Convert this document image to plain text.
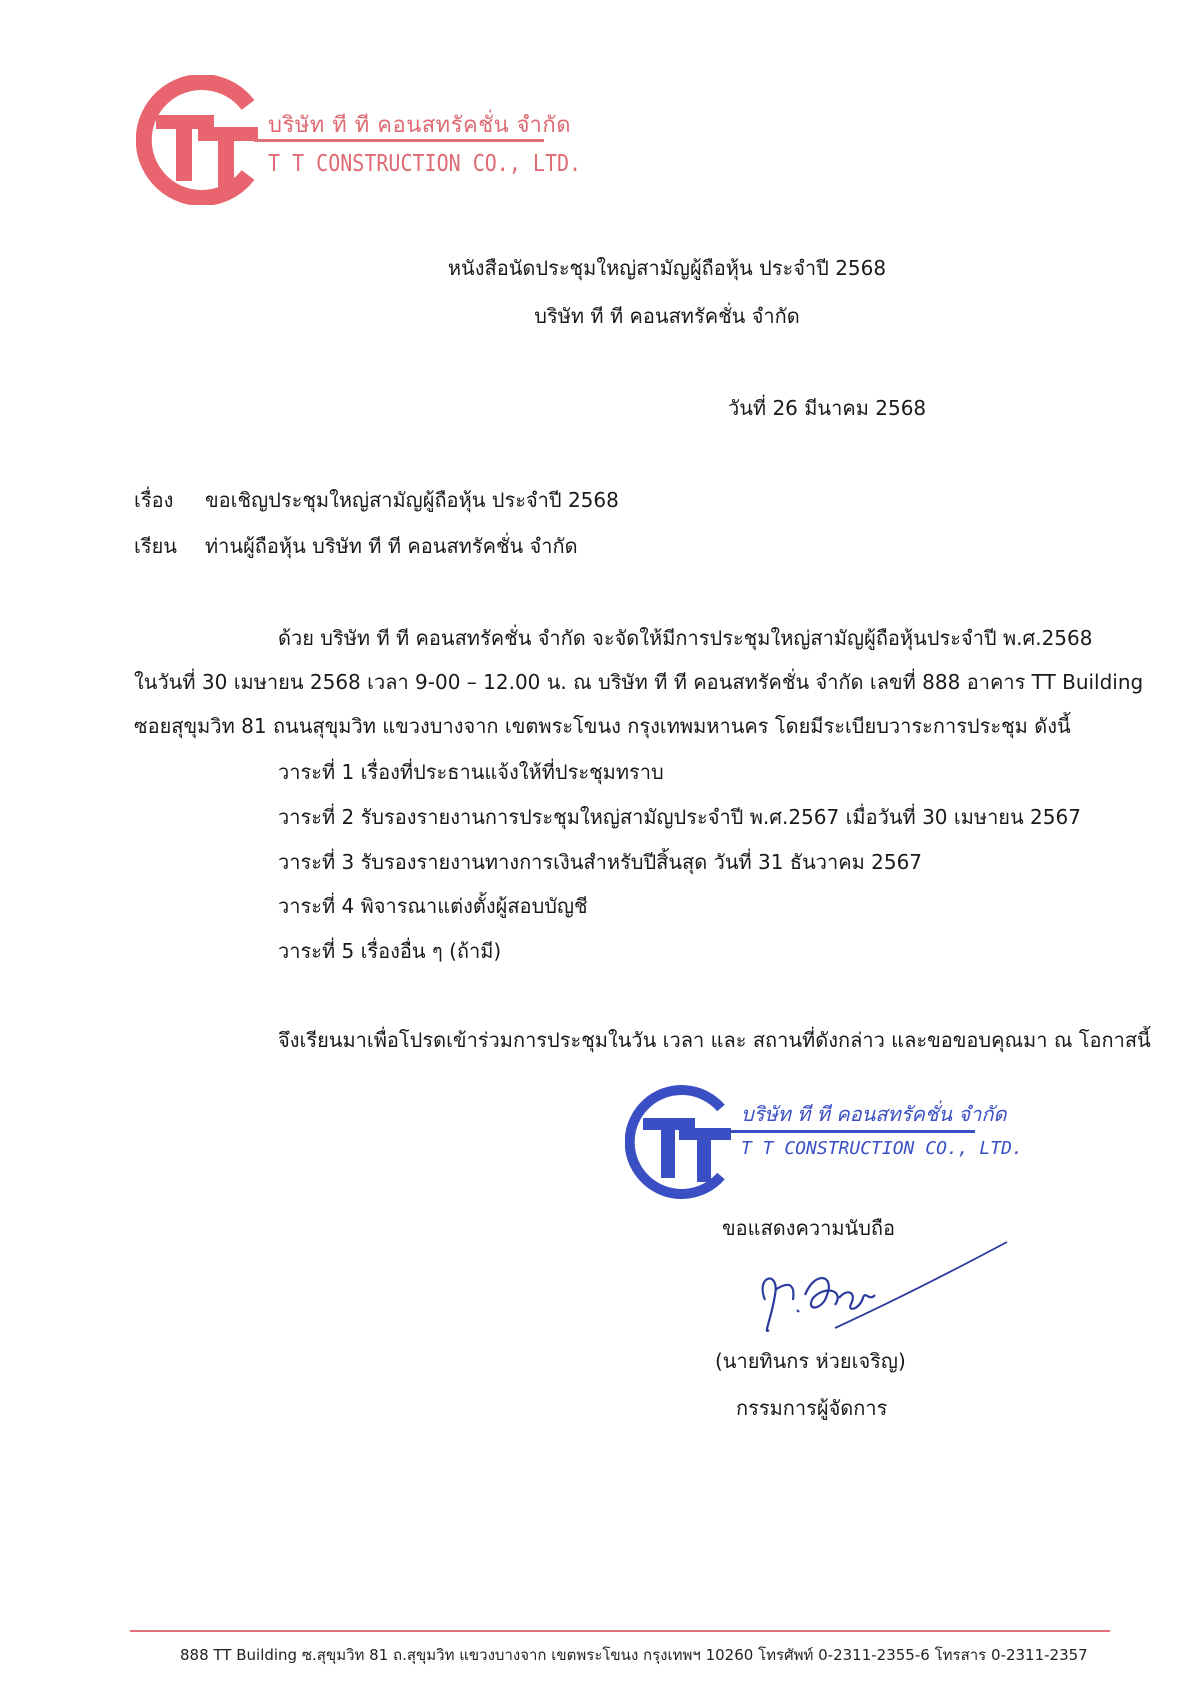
บริษัท ที ที คอนสทรัคชั่น จำกัด
T T CONSTRUCTION CO., LTD.
หนังสือนัดประชุมใหญ่สามัญผู้ถือหุ้น ประจำปี 2568
บริษัท ที ที คอนสทรัคชั่น จำกัด
วันที่ 26 มีนาคม 2568
เรื่อง ขอเชิญประชุมใหญ่สามัญผู้ถือหุ้น ประจำปี 2568
เรียน ท่านผู้ถือหุ้น บริษัท ที ที คอนสทรัคชั่น จำกัด
ด้วย บริษัท ที ที คอนสทรัคชั่น จำกัด จะจัดให้มีการประชุมใหญ่สามัญผู้ถือหุ้นประจำปี พ.ศ.2568
ในวันที่ 30 เมษายน 2568 เวลา 9-00 – 12.00 น. ณ บริษัท ที ที คอนสทรัคชั่น จำกัด เลขที่ 888 อาคาร TT Building
ซอยสุขุมวิท 81 ถนนสุขุมวิท แขวงบางจาก เขตพระโขนง กรุงเทพมหานคร โดยมีระเบียบวาระการประชุม ดังนี้
วาระที่ 1 เรื่องที่ประธานแจ้งให้ที่ประชุมทราบ
วาระที่ 2 รับรองรายงานการประชุมใหญ่สามัญประจำปี พ.ศ.2567 เมื่อวันที่ 30 เมษายน 2567
วาระที่ 3 รับรองรายงานทางการเงินสำหรับปีสิ้นสุด วันที่ 31 ธันวาคม 2567
วาระที่ 4 พิจารณาแต่งตั้งผู้สอบบัญชี
วาระที่ 5 เรื่องอื่น ๆ (ถ้ามี)
จึงเรียนมาเพื่อโปรดเข้าร่วมการประชุมในวัน เวลา และ สถานที่ดังกล่าว และขอขอบคุณมา ณ โอกาสนี้
บริษัท ที ที คอนสทรัคชั่น จำกัด
T T CONSTRUCTION CO., LTD.
ขอแสดงความนับถือ
(นายทินกร ห่วยเจริญ)
กรรมการผู้จัดการ
888 TT Building ซ.สุขุมวิท 81 ถ.สุขุมวิท แขวงบางจาก เขตพระโขนง กรุงเทพฯ 10260 โทรศัพท์ 0-2311-2355-6 โทรสาร 0-2311-2357
